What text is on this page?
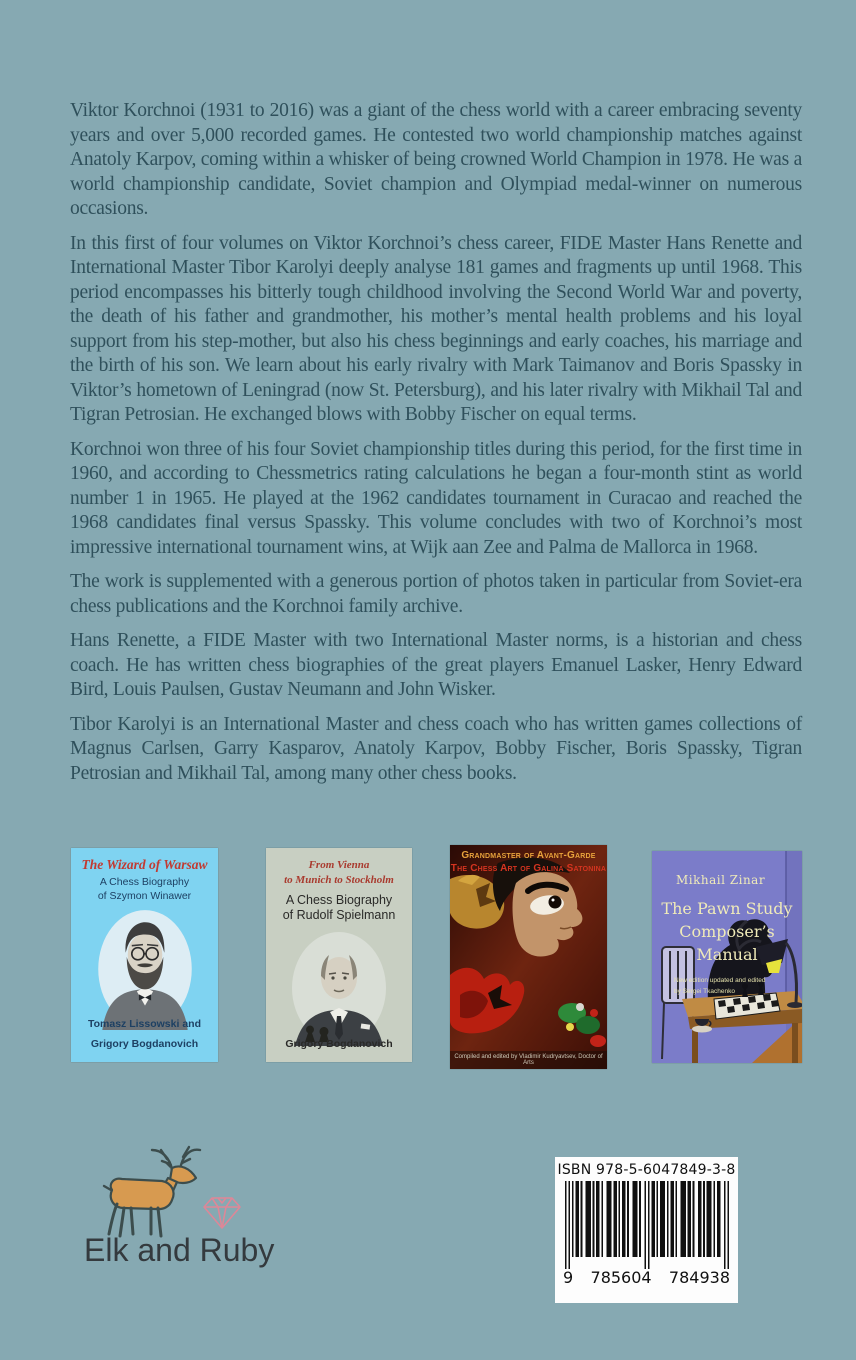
Viktor Korchnoi (1931 to 2016) was a giant of the chess world with a career embracing seventy years and over 5,000 recorded games. He contested two world championship matches against Anatoly Karpov, coming within a whisker of being crowned World Champion in 1978. He was a world championship candidate, Soviet champion and Olympiad medal-winner on numerous occasions.

In this first of four volumes on Viktor Korchnoi’s chess career, FIDE Master Hans Renette and International Master Tibor Karolyi deeply analyse 181 games and fragments up until 1968. This period encompasses his bitterly tough childhood involving the Second World War and poverty, the death of his father and grandmother, his mother’s mental health problems and his loyal support from his step-mother, but also his chess beginnings and early coaches, his marriage and the birth of his son. We learn about his early rivalry with Mark Taimanov and Boris Spassky in Viktor’s hometown of Leningrad (now St. Petersburg), and his later rivalry with Mikhail Tal and Tigran Petrosian. He exchanged blows with Bobby Fischer on equal terms.

Korchnoi won three of his four Soviet championship titles during this period, for the first time in 1960, and according to Chessmetrics rating calculations he began a four-month stint as world number 1 in 1965. He played at the 1962 candidates tournament in Curacao and reached the 1968 candidates final versus Spassky. This volume concludes with two of Korchnoi’s most impressive international tournament wins, at Wijk aan Zee and Palma de Mallorca in 1968.

The work is supplemented with a generous portion of photos taken in particular from Soviet-era chess publications and the Korchnoi family archive.

Hans Renette, a FIDE Master with two International Master norms, is a historian and chess coach. He has written chess biographies of the great players Emanuel Lasker, Henry Edward Bird, Louis Paulsen, Gustav Neumann and John Wisker.

Tibor Karolyi is an International Master and chess coach who has written games collections of Magnus Carlsen, Garry Kasparov, Anatoly Karpov, Bobby Fischer, Boris Spassky, Tigran Petrosian and Mikhail Tal, among many other chess books.

The Wizard of Warsaw
A Chess Biography
of Szymon Winawer
Tomasz Lissowski and
Grigory Bogdanovich
From Vienna
to Munich to Stockholm
A Chess Biography
of Rudolf Spielmann
Grigory Bogdanovich
Grandmaster of Avant-Garde
The Chess Art of Galina Satonina
Compiled and edited by Vladimir Kudryavtsev, Doctor of Arts
Mikhail Zinar
The Pawn Study
Composer’s
Manual
New edition updated and edited
by Sergei Tkachenko
Elk and Ruby
ISBN 978-5-6047849-3-8
9 785604 784938
